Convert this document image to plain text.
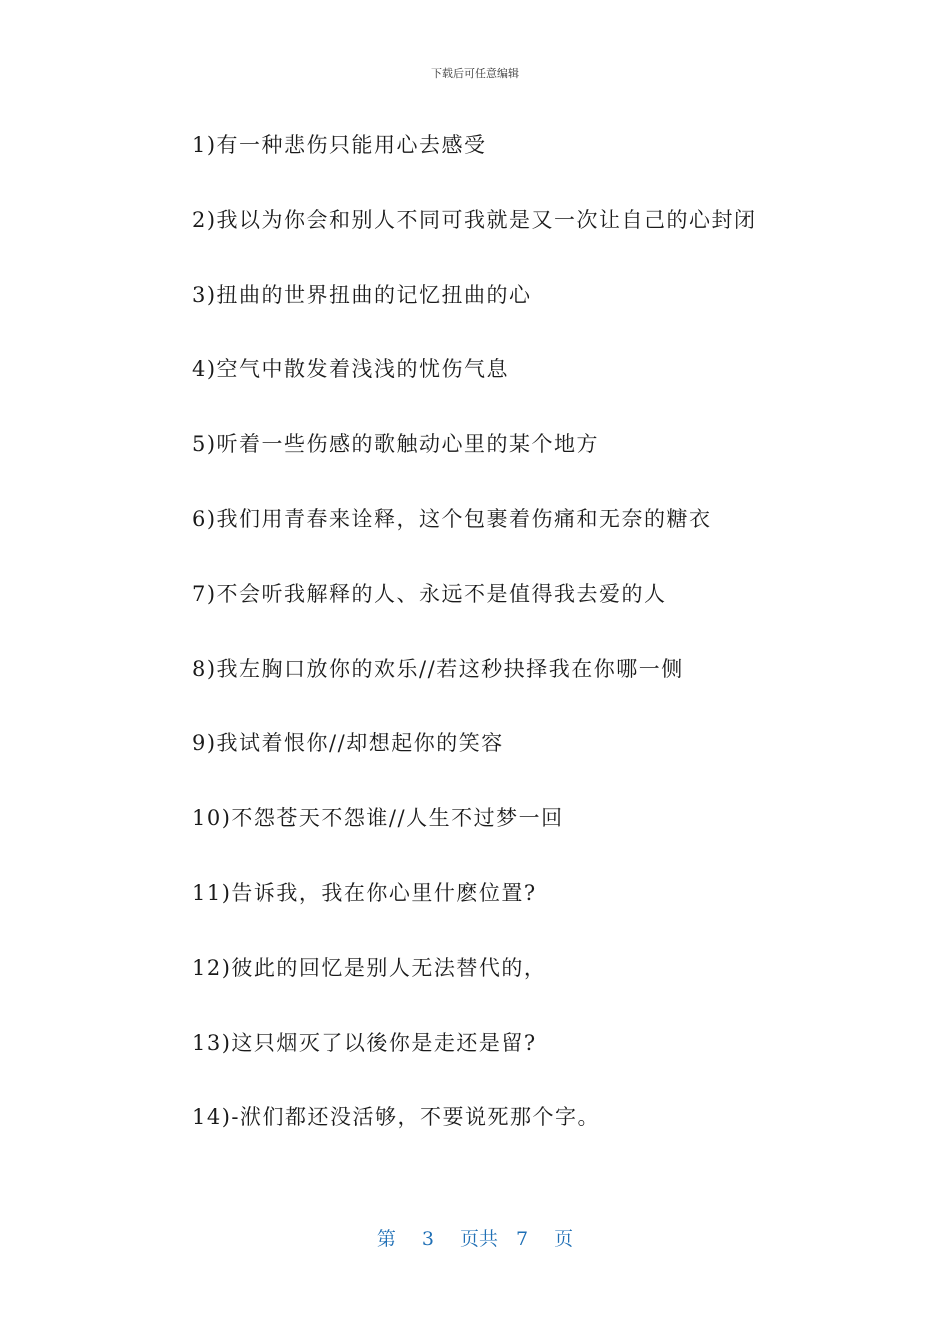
下载后可任意编辑
1)有一种悲伤只能用心去感受
2)我以为你会和别人不同可我就是又一次让自己的心封闭
3)扭曲的世界扭曲的记忆扭曲的心
4)空气中散发着浅浅的忧伤气息
5)听着一些伤感的歌触动心里的某个地方
6)我们用青春来诠释，这个包裹着伤痛和无奈的糖衣
7)不会听我解释的人、永远不是值得我去爱的人
8)我左胸口放你的欢乐//若这秒抉择我在你哪一侧
9)我试着恨你//却想起你的笑容
10)不怨苍天不怨谁//人生不过梦一回
11)告诉我，我在你心里什麽位置?
12)彼此的回忆是别人无法替代的，
13)这只烟灭了以後你是走还是留?
14)-洑们都还没活够，不要说死那个字。
第 3 页共 7 页
